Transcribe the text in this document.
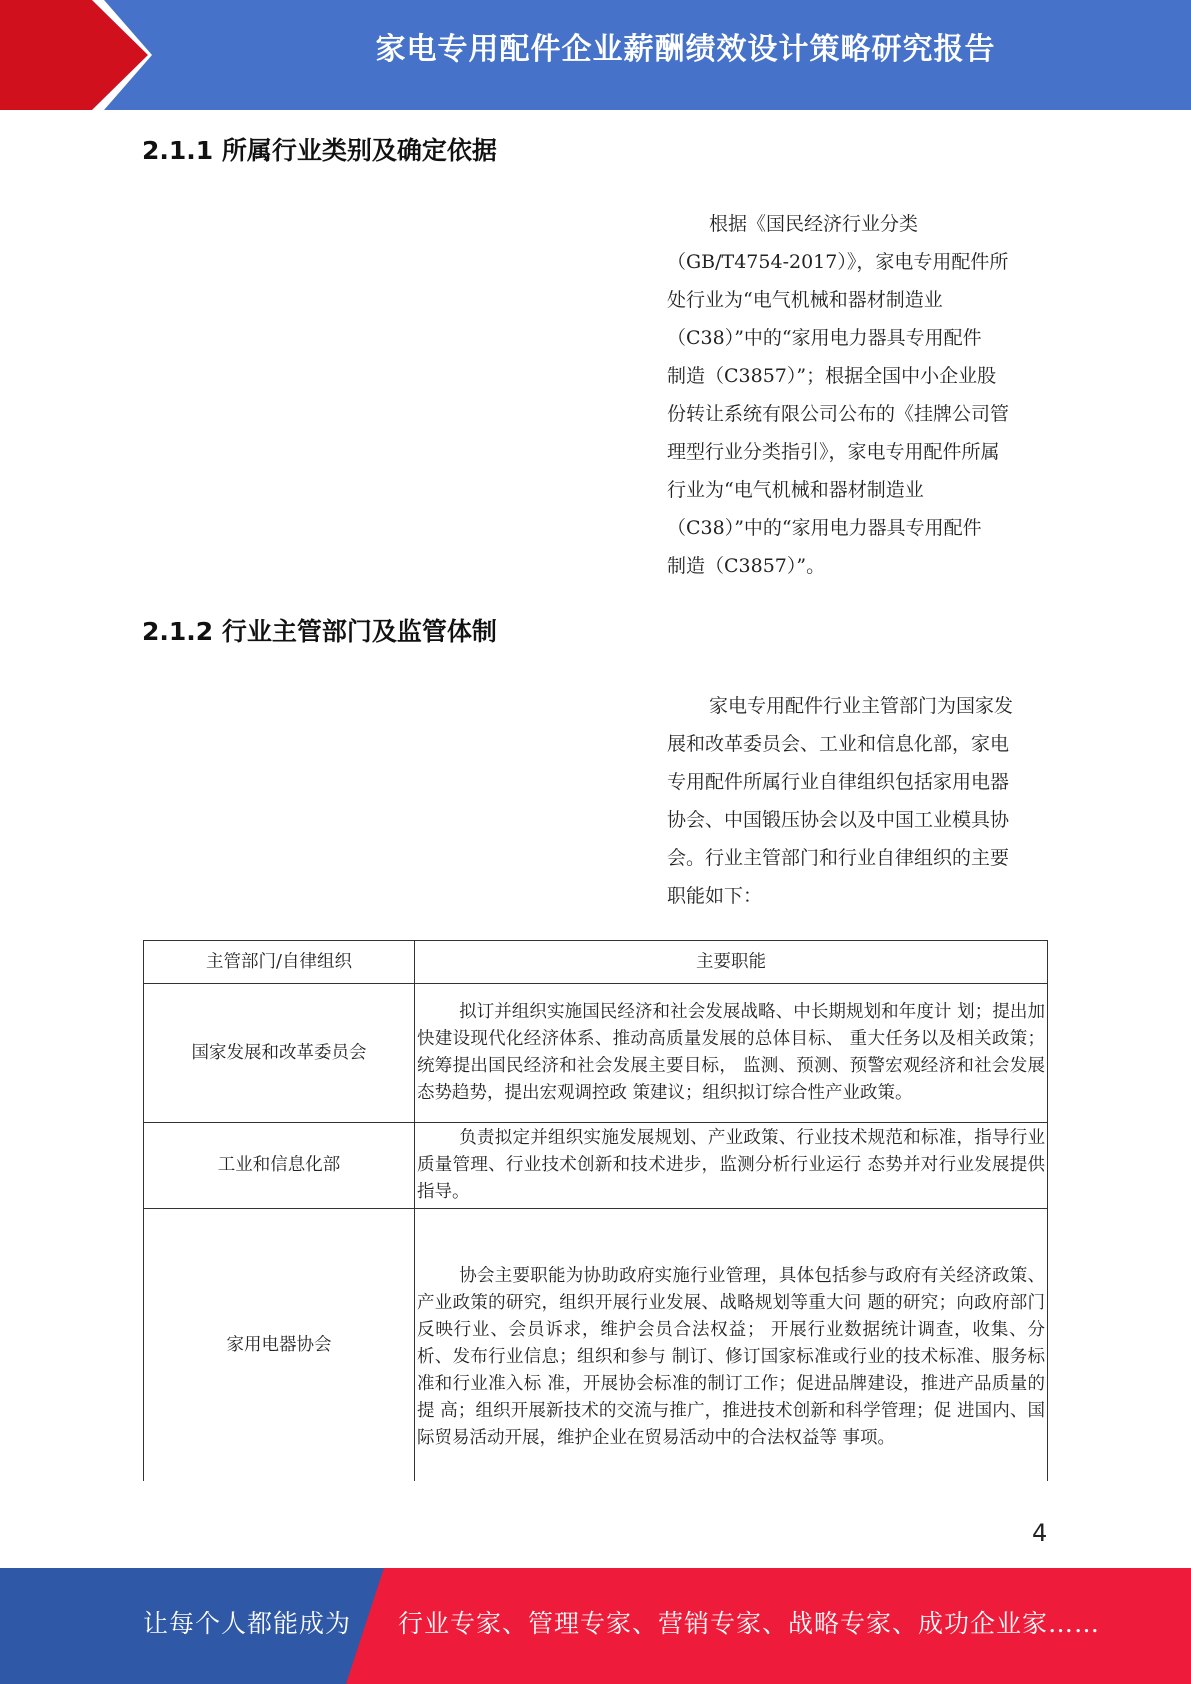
家电专用配件企业薪酬绩效设计策略研究报告
2.1.1 所属行业类别及确定依据

根据《国民经济行业分类
（GB/T4754-2017）》，家电专用配件所
处行业为“电气机械和器材制造业
（C38）”中的“家用电力器具专用配件
制造（C3857）”；根据全国中小企业股
份转让系统有限公司公布的《挂牌公司管
理型行业分类指引》，家电专用配件所属
行业为“电气机械和器材制造业
（C38）”中的“家用电力器具专用配件
制造（C3857）”。

2.1.2 行业主管部门及监管体制

家电专用配件行业主管部门为国家发
展和改革委员会、工业和信息化部，家电
专用配件所属行业自律组织包括家用电器
协会、中国锻压协会以及中国工业模具协
会。行业主管部门和行业自律组织的主要
职能如下：

主管部门/自律组织	主要职能
国家发展和改革委员会	拟订并组织实施国民经济和社会发展战略、中长期规划和年度计 划；提出加快建设现代化经济体系、推动高质量发展的总体目标、 重大任务以及相关政策；统筹提出国民经济和社会发展主要目标， 监测、预测、预警宏观经济和社会发展态势趋势，提出宏观调控政 策建议；组织拟订综合性产业政策。
工业和信息化部	负责拟定并组织实施发展规划、产业政策、行业技术规范和标准，指导行业质量管理、行业技术创新和技术进步，监测分析行业运行 态势并对行业发展提供指导。
家用电器协会	协会主要职能为协助政府实施行业管理，具体包括参与政府有关经济政策、产业政策的研究，组织开展行业发展、战略规划等重大问 题的研究；向政府部门反映行业、会员诉求，维护会员合法权益； 开展行业数据统计调查，收集、分析、发布行业信息；组织和参与 制订、修订国家标准或行业的技术标准、服务标准和行业准入标 准，开展协会标准的制订工作；促进品牌建设，推进产品质量的提 高；组织开展新技术的交流与推广，推进技术创新和科学管理；促 进国内、国际贸易活动开展，维护企业在贸易活动中的合法权益等 事项。
4
让每个人都能成为 行业专家、管理专家、营销专家、战略专家、成功企业家……
